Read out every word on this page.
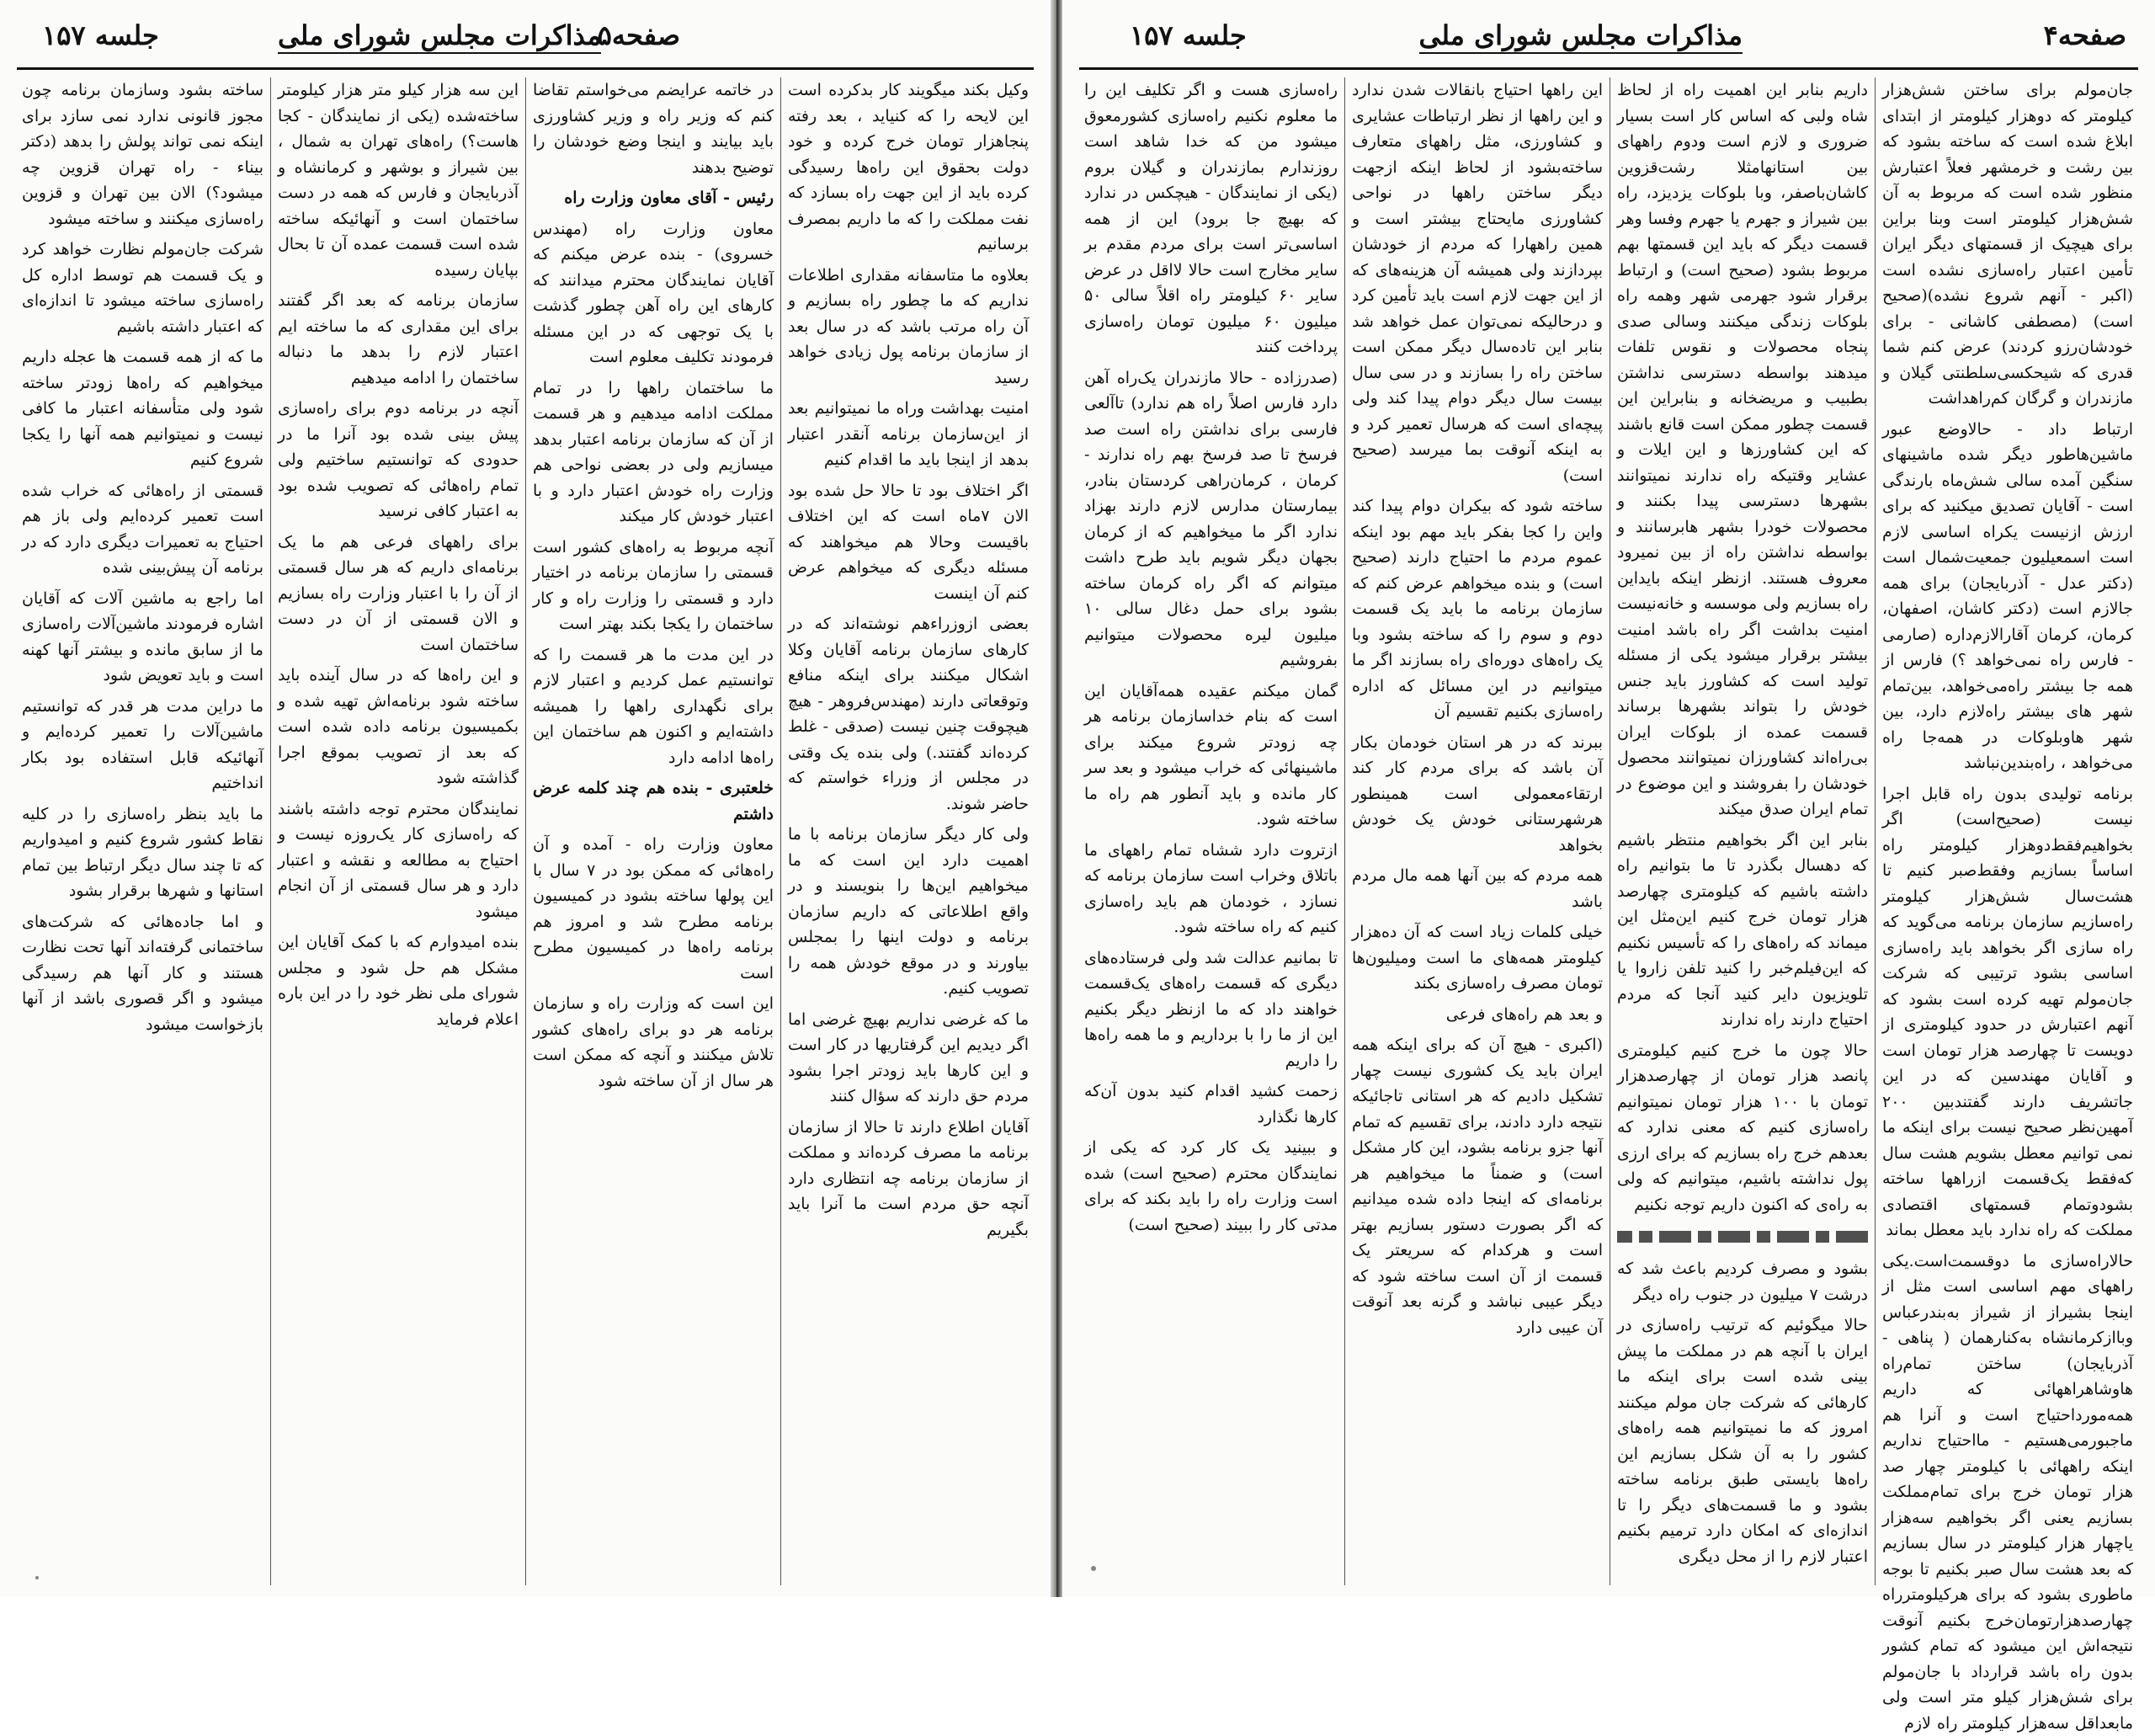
صفحه۴
مذاکرات مجلس شورای ملی
جلسه ۱۵۷

جان‌مولم برای ساختن شش‌هزار کیلومتر که دوهزار کیلومتر از ابتدای ابلاغ شده است که ساخته بشود که بین رشت و خرمشهر فعلاً اعتبارش منظور شده است که مربوط به آن شش‌هزار کیلومتر است وبنا براین برای هیچیک از قسمتهای دیگر ایران تأمین اعتبار راه‌سازی نشده است (اکبر - آنهم شروع نشده)(صحیح است) (مصطفی کاشانی - برای خودشان‌رزو کردند) عرض کنم شما قدری که شیحکسی‌سلطنتی گیلان و مازندران و گرگان کم‌راهداشت

ارتباط داد - حالاوضع عبور ماشین‌هاطور دیگر شده ماشینهای سنگین آمده سالی شش‌ماه بارندگی است - آقایان تصدیق میکنید که برای ارزش ازنیست یکراه اساسی لازم است اسمعیلیون جمعیت‌شمال است (دکتر عدل - آذربایجان) برای همه جالازم است (دکتر کاشان، اصفهان، کرمان، کرمان آقار‌الازم‌داره (صارمی - فارس راه نمی‌خواهد ؟) فارس از همه جا بیشتر راه‌می‌خواهد، بین‌تمام شهر های بیشتر راه‌لازم دارد، بین شهر هاوبلوکات در همه‌جا راه می‌خواهد ، راه‌بندین‌نباشد

برنامه تولیدی بدون راه قابل اجرا نیست (صحیح‌است) اگر بخواهیم‌فقط‌دوهزار کیلومتر راه اساساً بسازیم وفقط‌صبر کنیم تا هشت‌سال شش‌هزار کیلومتر راه‌سازیم سازمان برنامه می‌گوید که راه سازی اگر بخواهد باید راه‌سازی اساسی بشود ترتیبی که شرکت جان‌مولم تهیه کرده است بشود که آنهم اعتبارش در حدود کیلومتری از دویست تا چهارصد هزار تومان است و آقایان مهندسین که در این جاتشریف دارند گفتند‌بین ۲۰۰ آمهین‌نظر صحیح نیست برای اینکه ما نمی توانیم معطل بشویم هشت سال که‌فقط یک‌قسمت ازراهها ساخته بشودوتمام قسمتهای اقتصادی مملکت که راه ندارد باید معطل بماند

حالاراه‌سازی ما دوقسمت‌است.یکی راههای مهم اساسی است مثل از اینجا بشیراز از شیراز به‌بندرعباس وبا‌از‌کرمانشاه به‌کنارهمان ( پناهی - آذربایجان) ساختن تمام‌راه هاوشاهراههائی که داریم همه‌موردا‌حتیاج است و آنرا هم ماجبورمی‌هستیم - ما‌احتیاج نداریم اینکه راههائی با کیلومتر چهار صد هزار تومان خرج برای تمام‌مملکت بسازیم یعنی اگر بخواهیم سه‌هزار یاچهار هزار کیلومتر در سال بسازیم که بعد هشت سال صبر بکنیم تا بوجه ماطوری بشود که برای هرکیلومترراه چهارصدهزارتومان‌خرج بکنیم آنوقت نتیجه‌اش این میشود که تمام کشور بدون راه باشد قرارداد با جان‌مولم برای شش‌هزار کیلو متر است ولی مابعداقل سه‌هزار کیلومتر راه لازم

داریم بنابر این اهمیت راه از لحاظ شاه ولبی که اساس کار است بسیار ضروری و لازم است ودوم راههای بین استانهامثلا رشت‌قزوین کاشان‌باصفر، وبا بلوکات یزدیزد، راه بین شیراز و جهرم یا جهرم وفسا وهر قسمت دیگر که باید این قسمتها بهم مربوط بشود (صحیح است) و ارتباط برقرار شود جهرمی شهر وهمه‌ راه بلوکات زندگی میکنند وسالی صدی پنجاه محصولات و نقوس تلفات میدهند بواسطه دسترسی نداشتن بطبیب و مریضخانه و بنابراین این قسمت چطور ممکن است قانع باشند که این کشاورزها و این ایلات و عشایر وقتیکه راه ندارند نمیتوانند بشهرها دسترسی پیدا بکنند و محصولات خودرا بشهر هابرسانند و بواسطه نداشتن راه از بین نمیرود معروف هستند. ازنظر اینکه با‌یداین راه بسازیم ولی موسسه و خانه‌نیست امنیت بداشت اگر راه باشد امنیت بیشتر برقرار میشود یکی از مسئله تولید است که کشاورز باید جنس خودش را بتواند بشهرها برساند قسمت عمده از بلوکات ایران بی‌راه‌اند کشاورزان نمیتوانند محصول خودشان را بفروشند و این موضوع در تمام ایران صدق میکند

بنابر این اگر بخواهیم منتظر باشیم که دهسال بگذرد تا ما بتوانیم راه داشته باشیم که کیلومتری چهارصد هزار تومان خرج کنیم این‌مثل این میماند که راه‌های را که تأسیس نکنیم که این‌فیلم‌خبر را کنید تلفن‌ زاروا یا تلویزیون دایر کنید آنجا که مردم احتیاج دارند راه ندارند

حالا چون ما خرج کنیم کیلومتری پانصد هزار تومان‌ از چهارصدهزار تومان با ۱۰۰ هزار تومان نمیتوانیم راه‌سازی کنیم که معنی ندارد که بعد‌هم خرج راه بسازیم که برای ارزی پول نداشته باشیم، میتوانیم که ولی به راه‌ی که اکنون داریم توجه نکنیم

بشود و مصرف کردیم باعث شد که درشت ۷ میلیون در جنوب راه دیگر

حالا میگوئیم که ترتیب راه‌سازی در ایران با آنچه هم در مملکت ما پیش بینی شده است برای اینکه ما کارهائی که شرکت جان مولم میکنند امروز که ما نمیتوانیم همه‌ راه‌های کشور را به آن شکل بسازیم این راه‌ها بایستی طبق برنامه ساخته بشود و ما قسمت‌های دیگر را تا اندازه‌ای که امکان دارد ترمیم بکنیم اعتبار لازم را از محل دیگری

این راهها احتیاج بانقالات شدن ندارد و این راهها از نظر ارتباطات عشایری و کشاورزی، مثل راههای متعارف ساخته‌بشود از لحاظ اینکه ازجهت دیگر ساختن راهها در نواحی کشاورزی مایحتاج بیشتر است و همین راههارا که‌ مردم از خودشان بپردازند ولی همیشه آن هزینه‌های که از این جهت لازم است باید تأمین کرد و درحالیکه نمی‌توان عمل خواهد شد بنابر این تاده‌سال دیگر ممکن است ساختن راه را بسازند و در سی سال بیست سال دیگر دوام پیدا کند ولی پیچه‌ای است که هرسال تعمیر کرد و به اینکه آنوقت بما میرسد (صحیح است)

ساخته شود که بیکران دوام پیدا کند واین را کجا بفکر باید مهم بود اینکه عموم مردم ما احتیاج دارند (صحیح است) و بنده میخواهم عرض کنم که سازمان برنامه ما باید یک قسمت دوم و سوم را که ساخته بشود وبا یک راه‌های دوره‌ای راه بسازند اگر ما میتوانیم در این مسائل که اداره راه‌سازی بکنیم تقسیم آن

ببرند که در هر استان خودمان بکار آن باشد که برای مردم کار کند ارتقاءمعمولی است همینطور هرشهرستانی خودش یک خودش بخواهد

همه‌ مردم که بین آنها همه‌ مال مردم باشد

خیلی کلمات زیاد است که آن ده‌هزار کیلومتر همه‌های ما است ومیلیون‌ها تومان مصرف راه‌سازی بکند

و بعد هم راه‌های فرعی

(اکبری - هیچ آن که برای اینکه همه‌ ایران باید یک کشوری نیست چهار تشکیل دادیم که هر استانی تاجائیکه نتیجه دارد دادند، برای تقسیم که تمام آنها جزو برنامه بشود، این کار مشکل است) و ضمناً ما میخواهیم هر برنامه‌ای که اینجا داده شده میدانیم که اگر بصورت دستور بسازیم بهتر است و هرکدام که سریعتر یک قسمت از آن است ساخته شود که دیگر عیبی نباشد و گرنه بعد آنوقت آن عیبی دارد

راه‌سازی هست و اگر تکلیف این را ما معلوم نکنیم راه‌سازی کشورمعوق میشود من که خدا شاهد است روز‌ندارم بمازندران و گیلان بروم (یکی از نمایندگان - هیچکس در ندارد که بهیچ جا برود) این از همه اساسی‌تر است برای مردم مقدم بر سایر مخارج است حالا لااقل در عرض سایر ۶۰ کیلومتر راه اقلاً سالی ۵۰ میلیون ۶۰ میلیون تومان راه‌سازی پرداخت کنند

(صدرزاده - حالا مازندران یک‌راه آهن دارد فارس اصلاً راه هم ندارد) تاآلعی فارسی برای نداشتن راه است صد فرسخ تا صد فرسخ بهم راه ندارند - کرمان ، کرمان‌راهی کردستان بنادر، بیمارستان مدارس لازم دارند بهزاد ندارد اگر ما میخواهیم که از کرمان بجهان دیگر شویم باید طرح داشت میتوانم که اگر راه کرمان ساخته بشود برای حمل دغال سالی ۱۰ میلیون لیره محصولات میتوانیم بفروشیم

گمان میکنم عقیده همه‌آقایان این است که بنام خداسازمان برنامه هر چه زودتر شروع میکند برای ماشینهائی که خراب میشود و بعد سر کار مانده و باید آنطور هم راه ما ساخته شود.

ازتروت دارد ششاه تمام راههای ما باتلاق وخراب است سازمان برنامه که نسازد ، خودمان هم باید راه‌سازی کنیم که راه ساخته شود.

تا بمانیم عدالت شد ولی فرستاده‌های دیگری که قسمت راه‌های یک‌قسمت خواهند داد که ما ازنظر دیگر بکنیم این از ما را با برداریم و ما همه‌ راه‌ها را داریم

زحمت کشید اقدام کنید بدون آن‌که کارها نگذارد

و ببینید یک کار کرد که یکی از نمایندگان محترم (صحیح است) شده است وزارت راه ‌را باید بکند که برای مدتی کار را ببیند (صحیح است)

صفحه۵
مذاکرات مجلس شورای ملی
جلسه ۱۵۷

وکیل بکند میگویند کار بدکرده است این لایحه را که کنیاید ، بعد رفته پنجاهزار تومان خرج کرده و خود دولت بحقوق این راه‌ها رسیدگی کرده باید از این جهت راه بسازد که نفت مملکت را که ما داریم بمصرف برسانیم

بعلاوه ما متاسفانه مقداری اطلاعات نداریم که ما چطور راه بسازیم و آن راه مرتب باشد که در سال بعد از سازمان برنامه پول زیادی خواهد رسید

امنیت بهداشت وراه ما نمیتوانیم بعد از این‌سازمان برنامه آنقدر اعتبار بدهد از اینجا باید ما اقدام کنیم

اگر اختلاف بود تا حالا حل شده بود الان ۷ماه است که این اختلاف باقیست وحالا هم میخواهند که مسئله دیگری که میخواهم عرض کنم آن اینست

بعضی ازوزراءهم نوشته‌اند که در کارهای سازمان برنامه آقایان وکلا اشکال میکنند برای اینکه منافع وتوقعاتی دارند (مهندس‌فروهر - هیچ‌ هیچوقت چنین نیست (صدقی - غلط کرده‌اند گفتند.) ولی بنده یک وقتی در مجلس از وزراء خواستم که حاضر شوند.

ولی کار دیگر سازمان برنامه با ما اهمیت دارد این است که ما میخواهیم این‌ها را بنویسند و در واقع اطلاعاتی که داریم سازمان برنامه و دولت اینها را بمجلس بیاورند و در موقع خودش همه را تصویب کنیم.

ما که غرضی نداریم بهیچ غرضی اما اگر دیدیم این گرفتاریها در کار است و این کارها باید زودتر اجرا بشود مردم حق دارند که سؤال کنند

آقایان اطلاع دارند تا حالا از سازمان برنامه ما مصرف کرده‌اند و مملکت از سازمان برنامه چه انتظاری دارد آنچه حق مردم است ما آنرا باید بگیریم

در خاتمه عرایضم می‌خواستم تقاضا کنم که وزیر راه و وزیر کشاورزی باید بیایند و اینجا وضع خودشان را توضیح بدهند

رئیس - آقای معاون وزارت راه

معاون وزارت راه (مهندس خسروی) - بنده عرض میکنم که آقایان نمایندگان محترم میدانند که کارهای این راه آهن چطور گذشت با یک توجهی که در این مسئله فرمودند تکلیف معلوم است

ما ساختمان راهها را در تمام مملکت ادامه میدهیم و هر قسمت از آن که سازمان برنامه اعتبار بدهد میسازیم ولی در بعضی نواحی هم وزارت راه خودش اعتبار دارد و با اعتبار خودش کار میکند

آنچه مربوط به راه‌های کشور است قسمتی را سازمان برنامه در اختیار دارد و قسمتی را وزارت راه و کار ساختمان را یکجا بکند بهتر است

در این مدت ما هر قسمت را که توانستیم عمل کردیم و اعتبار لازم برای نگهداری راهها را همیشه داشته‌ایم و اکنون هم ساختمان این راه‌ها ادامه دارد

خلعتبری - بنده هم چند کلمه عرض داشتم

معاون وزارت راه - آمده و آن راه‌هائی که ممکن بود در ۷ سال با این پولها ساخته بشود در کمیسیون برنامه مطرح شد و امروز هم برنامه راه‌ها در کمیسیون مطرح است

این است که وزارت راه و سازمان برنامه هر دو برای راه‌های کشور تلاش میکنند و آنچه که ممکن است هر سال از آن ساخته شود

این سه هزار کیلو متر هزار کیلومتر ساخته‌شده (یکی از نمایندگان - کجا هاست؟) راه‌های تهران به شمال ، بین شیراز و بوشهر و کرمانشاه و آذربایجان و فارس که همه در دست ساختمان است و آنهائیکه ساخته شده است قسمت عمده‌ آن تا بحال بپایان رسیده

سازمان برنامه که بعد اگر گفتند برای این مقداری که ما ساخته ایم اعتبار لازم را بدهد ما دنباله ساختمان را ادامه میدهیم

آنچه در برنامه دوم برای راه‌سازی پیش بینی شده بود آنرا ما در حدودی که توانستیم ساختیم ولی تمام راه‌هائی که تصویب شده بود به اعتبار کافی نرسید

برای راههای فرعی هم ما یک برنامه‌ای داریم که هر سال قسمتی از آن را با اعتبار وزارت راه بسازیم و الان قسمتی از آن در دست ساختمان است

و این راه‌ها که در سال آینده باید ساخته شود برنامه‌اش تهیه شده و بکمیسیون برنامه داده شده است که بعد از تصویب بموقع اجرا گذاشته شود

نمایندگان محترم توجه داشته باشند که راه‌سازی کار یک‌روزه نیست و احتیاج به مطالعه و نقشه و اعتبار دارد و هر سال قسمتی از آن انجام میشود

بنده امیدوارم که با کمک آقایان این مشکل هم حل شود و مجلس شورای ملی نظر خود را در این باره اعلام فرماید

ساخته بشود وسازمان برنامه چون مجوز قانونی ندارد نمی سازد برای اینکه نمی تواند پولش را بدهد (دکتر بیناء - راه تهران قزوین چه میشود؟) الان بین تهران و قزوین راه‌سازی میکنند و ساخته میشود

شرکت جان‌مولم نظارت خواهد کرد و یک قسمت هم توسط اداره کل راه‌سازی ساخته میشود تا اندازه‌ای که اعتبار داشته باشیم

ما که از همه قسمت ها عجله داریم میخواهیم که راه‌ها زودتر ساخته شود ولی متأسفانه اعتبار ما کافی نیست و نمیتوانیم همه‌ آنها را یکجا شروع کنیم

قسمتی از راه‌هائی که خراب شده است تعمیر کرده‌ایم ولی باز هم احتیاج به تعمیرات دیگری دارد که در برنامه آن پیش‌بینی شده

اما راجع به ماشین آلات که آقایان اشاره فرمودند ماشین‌آلات راه‌سازی ما از سابق مانده و بیشتر آنها کهنه است و باید تعویض شود

ما دراین مدت هر قدر که توانستیم ماشین‌آلات را تعمیر کرده‌ایم و آنهائیکه قابل استفاده بود بکار انداختیم

ما باید بنظر راه‌سازی را در کلیه نقاط کشور شروع کنیم و امیدواریم که تا چند سال دیگر ارتباط بین تمام استانها و شهرها برقرار بشود

و اما جاده‌هائی که شرکت‌های ساختمانی گرفته‌اند آنها تحت نظارت هستند و کار آنها هم رسیدگی میشود و اگر قصوری باشد از آنها بازخواست میشود
